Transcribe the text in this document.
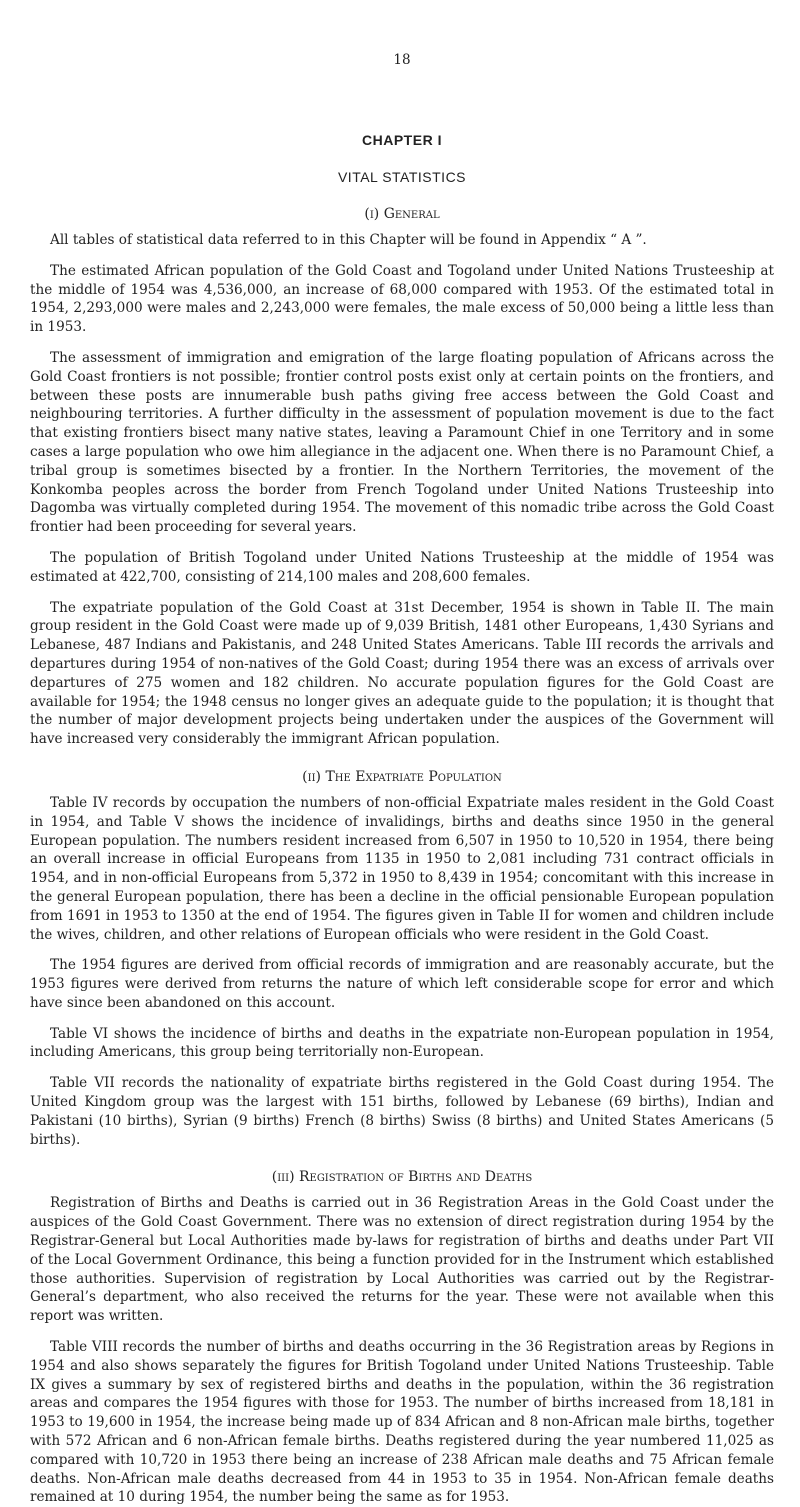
18
CHAPTER I
VITAL STATISTICS
(i) General

All tables of statistical data referred to in this Chapter will be found in Appendix “ A ”.

The estimated African population of the Gold Coast and Togoland under United Nations Trusteeship at the middle of 1954 was 4,536,000, an increase of 68,000 compared with 1953. Of the estimated total in 1954, 2,293,000 were males and 2,243,000 were females, the male excess of 50,000 being a little less than in 1953.

The assessment of immigration and emigration of the large floating population of Africans across the Gold Coast frontiers is not possible; frontier control posts exist only at certain points on the frontiers, and between these posts are innumerable bush paths giving free access between the Gold Coast and neighbouring territories. A further difficulty in the assessment of population movement is due to the fact that existing frontiers bisect many native states, leaving a Paramount Chief in one Territory and in some cases a large population who owe him allegiance in the adjacent one. When there is no Paramount Chief, a tribal group is sometimes bisected by a frontier. In the Northern Territories, the movement of the Konkomba peoples across the border from French Togoland under United Nations Trusteeship into Dagomba was virtually completed during 1954. The movement of this nomadic tribe across the Gold Coast frontier had been proceeding for several years.

The population of British Togoland under United Nations Trusteeship at the middle of 1954 was estimated at 422,700, consisting of 214,100 males and 208,600 females.

The expatriate population of the Gold Coast at 31st December, 1954 is shown in Table II. The main group resident in the Gold Coast were made up of 9,039 British, 1481 other Europeans, 1,430 Syrians and Lebanese, 487 Indians and Pakistanis, and 248 United States Americans. Table III records the arrivals and departures during 1954 of non-natives of the Gold Coast; during 1954 there was an excess of arrivals over departures of 275 women and 182 children. No accurate population figures for the Gold Coast are available for 1954; the 1948 census no longer gives an adequate guide to the population; it is thought that the number of major development projects being undertaken under the auspices of the Government will have increased very considerably the immigrant African population.

(ii) The Expatriate Population

Table IV records by occupation the numbers of non-official Expatriate males resident in the Gold Coast in 1954, and Table V shows the incidence of invalidings, births and deaths since 1950 in the general European population. The numbers resident increased from 6,507 in 1950 to 10,520 in 1954, there being an overall increase in official Europeans from 1135 in 1950 to 2,081 including 731 contract officials in 1954, and in non-official Europeans from 5,372 in 1950 to 8,439 in 1954; concomitant with this increase in the general European population, there has been a decline in the official pensionable European population from 1691 in 1953 to 1350 at the end of 1954. The figures given in Table II for women and children include the wives, children, and other relations of European officials who were resident in the Gold Coast.

The 1954 figures are derived from official records of immigration and are reasonably accurate, but the 1953 figures were derived from returns the nature of which left considerable scope for error and which have since been abandoned on this account.

Table VI shows the incidence of births and deaths in the expatriate non-European population in 1954, including Americans, this group being territorially non-European.

Table VII records the nationality of expatriate births registered in the Gold Coast during 1954. The United Kingdom group was the largest with 151 births, followed by Lebanese (69 births), Indian and Pakistani (10 births), Syrian (9 births) French (8 births) Swiss (8 births) and United States Americans (5 births).

(iii) Registration of Births and Deaths

Registration of Births and Deaths is carried out in 36 Registration Areas in the Gold Coast under the auspices of the Gold Coast Government. There was no extension of direct registration during 1954 by the Registrar-General but Local Authorities made by-laws for registration of births and deaths under Part VII of the Local Government Ordinance, this being a function provided for in the Instrument which established those authorities. Supervision of registration by Local Authorities was carried out by the Registrar-General’s department, who also received the returns for the year. These were not available when this report was written.

Table VIII records the number of births and deaths occurring in the 36 Registration areas by Regions in 1954 and also shows separately the figures for British Togoland under United Nations Trusteeship. Table IX gives a summary by sex of registered births and deaths in the population, within the 36 registration areas and compares the 1954 figures with those for 1953. The number of births increased from 18,181 in 1953 to 19,600 in 1954, the increase being made up of 834 African and 8 non-African male births, together with 572 African and 6 non-African female births. Deaths registered during the year numbered 11,025 as compared with 10,720 in 1953 there being an increase of 238 African male deaths and 75 African female deaths. Non-African male deaths decreased from 44 in 1953 to 35 in 1954. Non-African female deaths remained at 10 during 1954, the number being the same as for 1953.
